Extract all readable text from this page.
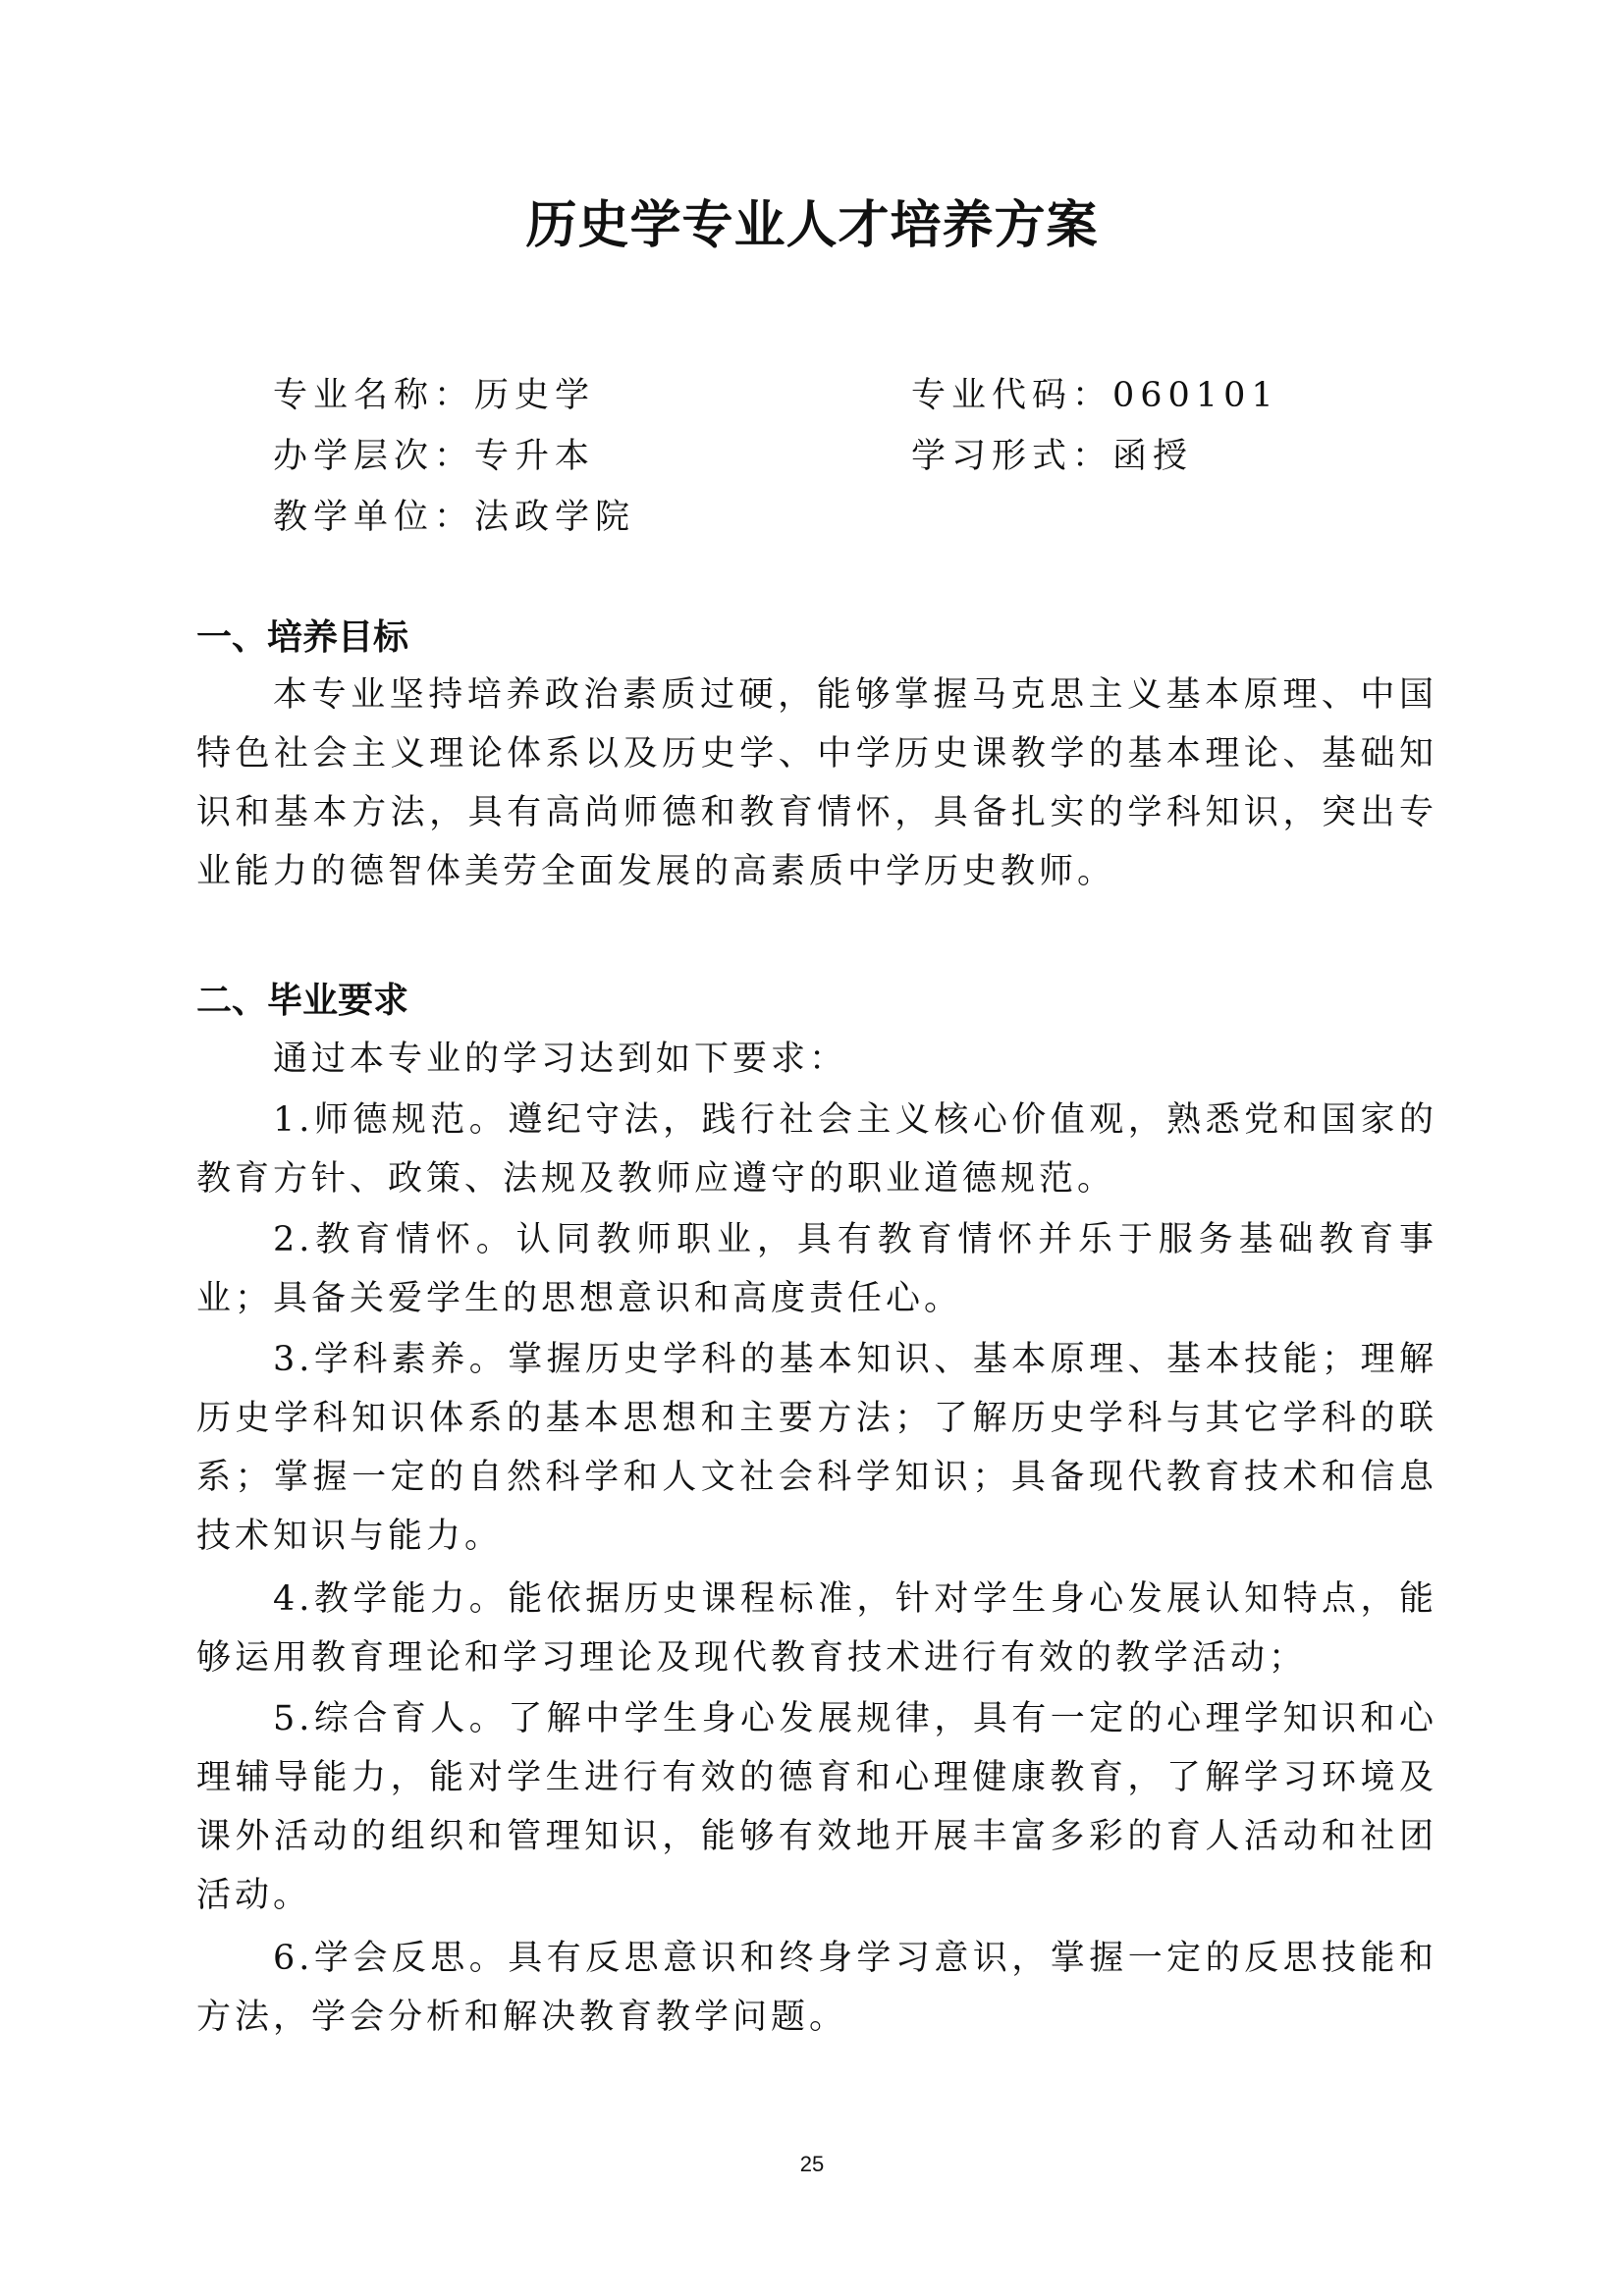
历史学专业人才培养方案
专业名称：历史学	专业代码：060101
办学层次：专升本	学习形式：函授
教学单位：法政学院
一、培养目标
本专业坚持培养政治素质过硬，能够掌握马克思主义基本原理、中国特色社会主义理论体系以及历史学、中学历史课教学的基本理论、基础知识和基本方法，具有高尚师德和教育情怀，具备扎实的学科知识，突出专业能力的德智体美劳全面发展的高素质中学历史教师。
二、毕业要求
通过本专业的学习达到如下要求：
1.师德规范。遵纪守法，践行社会主义核心价值观，熟悉党和国家的教育方针、政策、法规及教师应遵守的职业道德规范。
2.教育情怀。认同教师职业，具有教育情怀并乐于服务基础教育事业；具备关爱学生的思想意识和高度责任心。
3.学科素养。掌握历史学科的基本知识、基本原理、基本技能；理解历史学科知识体系的基本思想和主要方法；了解历史学科与其它学科的联系；掌握一定的自然科学和人文社会科学知识；具备现代教育技术和信息技术知识与能力。
4.教学能力。能依据历史课程标准，针对学生身心发展认知特点，能够运用教育理论和学习理论及现代教育技术进行有效的教学活动；
5.综合育人。了解中学生身心发展规律，具有一定的心理学知识和心理辅导能力，能对学生进行有效的德育和心理健康教育，了解学习环境及课外活动的组织和管理知识，能够有效地开展丰富多彩的育人活动和社团活动。
6.学会反思。具有反思意识和终身学习意识，掌握一定的反思技能和方法，学会分析和解决教育教学问题。
25
